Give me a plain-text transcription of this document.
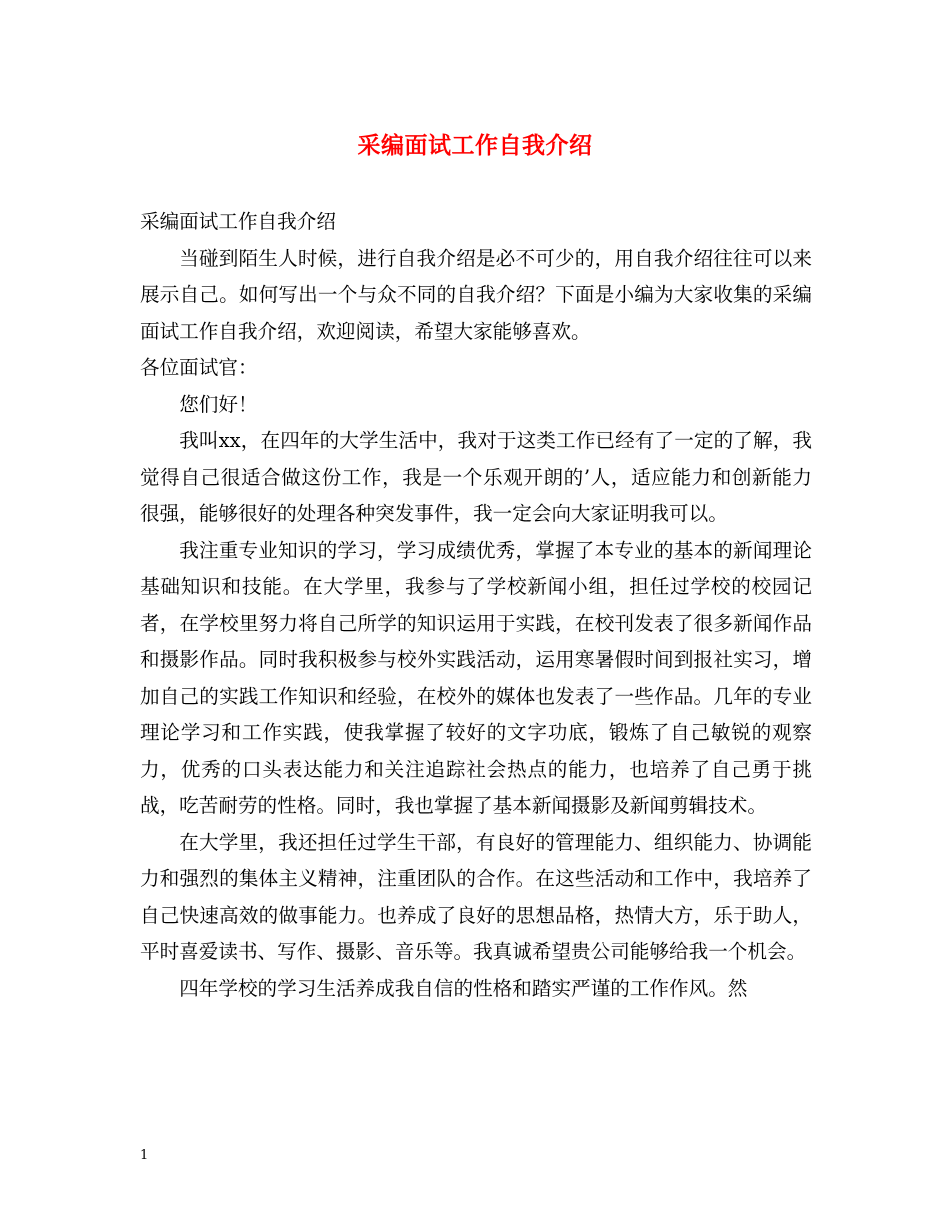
采编面试工作自我介绍

采编面试工作自我介绍

当碰到陌生人时候，进行自我介绍是必不可少的，用自我介绍往往可以来展示自己。如何写出一个与众不同的自我介绍？下面是小编为大家收集的采编面试工作自我介绍，欢迎阅读，希望大家能够喜欢。

各位面试官：

您们好！

我叫xx，在四年的大学生活中，我对于这类工作已经有了一定的了解，我觉得自己很适合做这份工作，我是一个乐观开朗的’人，适应能力和创新能力很强，能够很好的处理各种突发事件，我一定会向大家证明我可以。

我注重专业知识的学习，学习成绩优秀，掌握了本专业的基本的新闻理论基础知识和技能。在大学里，我参与了学校新闻小组，担任过学校的校园记者，在学校里努力将自己所学的知识运用于实践，在校刊发表了很多新闻作品和摄影作品。同时我积极参与校外实践活动，运用寒暑假时间到报社实习，增加自己的实践工作知识和经验，在校外的媒体也发表了一些作品。几年的专业理论学习和工作实践，使我掌握了较好的文字功底，锻炼了自己敏锐的观察力，优秀的口头表达能力和关注追踪社会热点的能力，也培养了自己勇于挑战，吃苦耐劳的性格。同时，我也掌握了基本新闻摄影及新闻剪辑技术。

在大学里，我还担任过学生干部，有良好的管理能力、组织能力、协调能力和强烈的集体主义精神，注重团队的合作。在这些活动和工作中，我培养了自己快速高效的做事能力。也养成了良好的思想品格，热情大方，乐于助人，平时喜爱读书、写作、摄影、音乐等。我真诚希望贵公司能够给我一个机会。

四年学校的学习生活养成我自信的性格和踏实严谨的工作作风。然

1
